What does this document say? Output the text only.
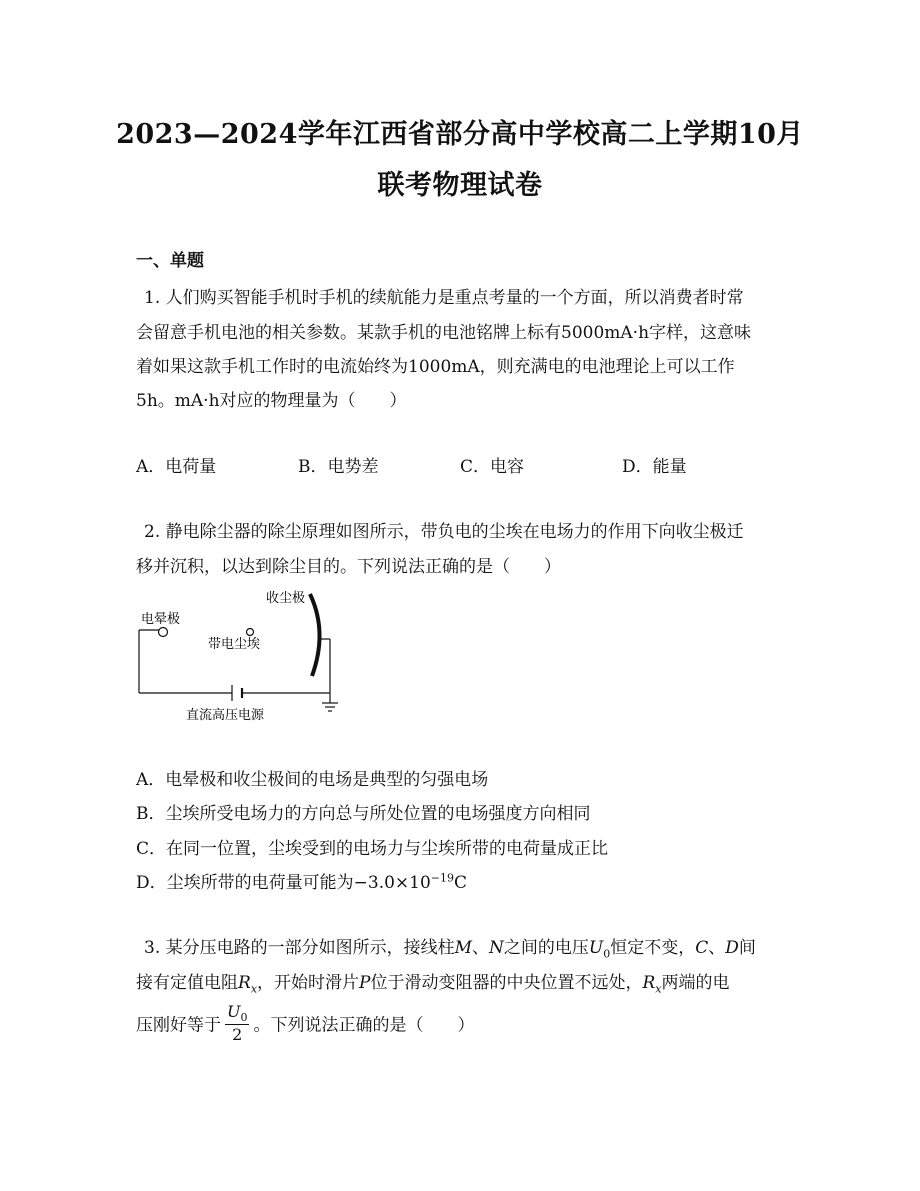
2023—2024学年江西省部分高中学校高二上学期10月
联考物理试卷
一、单题
1. 人们购买智能手机时手机的续航能力是重点考量的一个方面，所以消费者时常
会留意手机电池的相关参数。某款手机的电池铭牌上标有5000mA·h字样，这意味
着如果这款手机工作时的电流始终为1000mA，则充满电的电池理论上可以工作
5h。mA·h对应的物理量为（　　）
A．电荷量	B．电势差	C．电容	D．能量
2. 静电除尘器的除尘原理如图所示，带负电的尘埃在电场力的作用下向收尘极迁
移并沉积，以达到除尘目的。下列说法正确的是（　　）
收尘极
电晕极
带电尘埃
直流高压电源
A．电晕极和收尘极间的电场是典型的匀强电场
B．尘埃所受电场力的方向总与所处位置的电场强度方向相同
C．在同一位置，尘埃受到的电场力与尘埃所带的电荷量成正比
D．尘埃所带的电荷量可能为$-3.0\times 10^{-19}C$
3. 某分压电路的一部分如图所示，接线柱M、N之间的电压$U_0$恒定不变，C、D间
接有定值电阻$R_x$，开始时滑片P位于滑动变阻器的中央位置不远处，$R_x$两端的电
压刚好等于 $\frac{U_0}{2}$ 。下列说法正确的是（　　）
